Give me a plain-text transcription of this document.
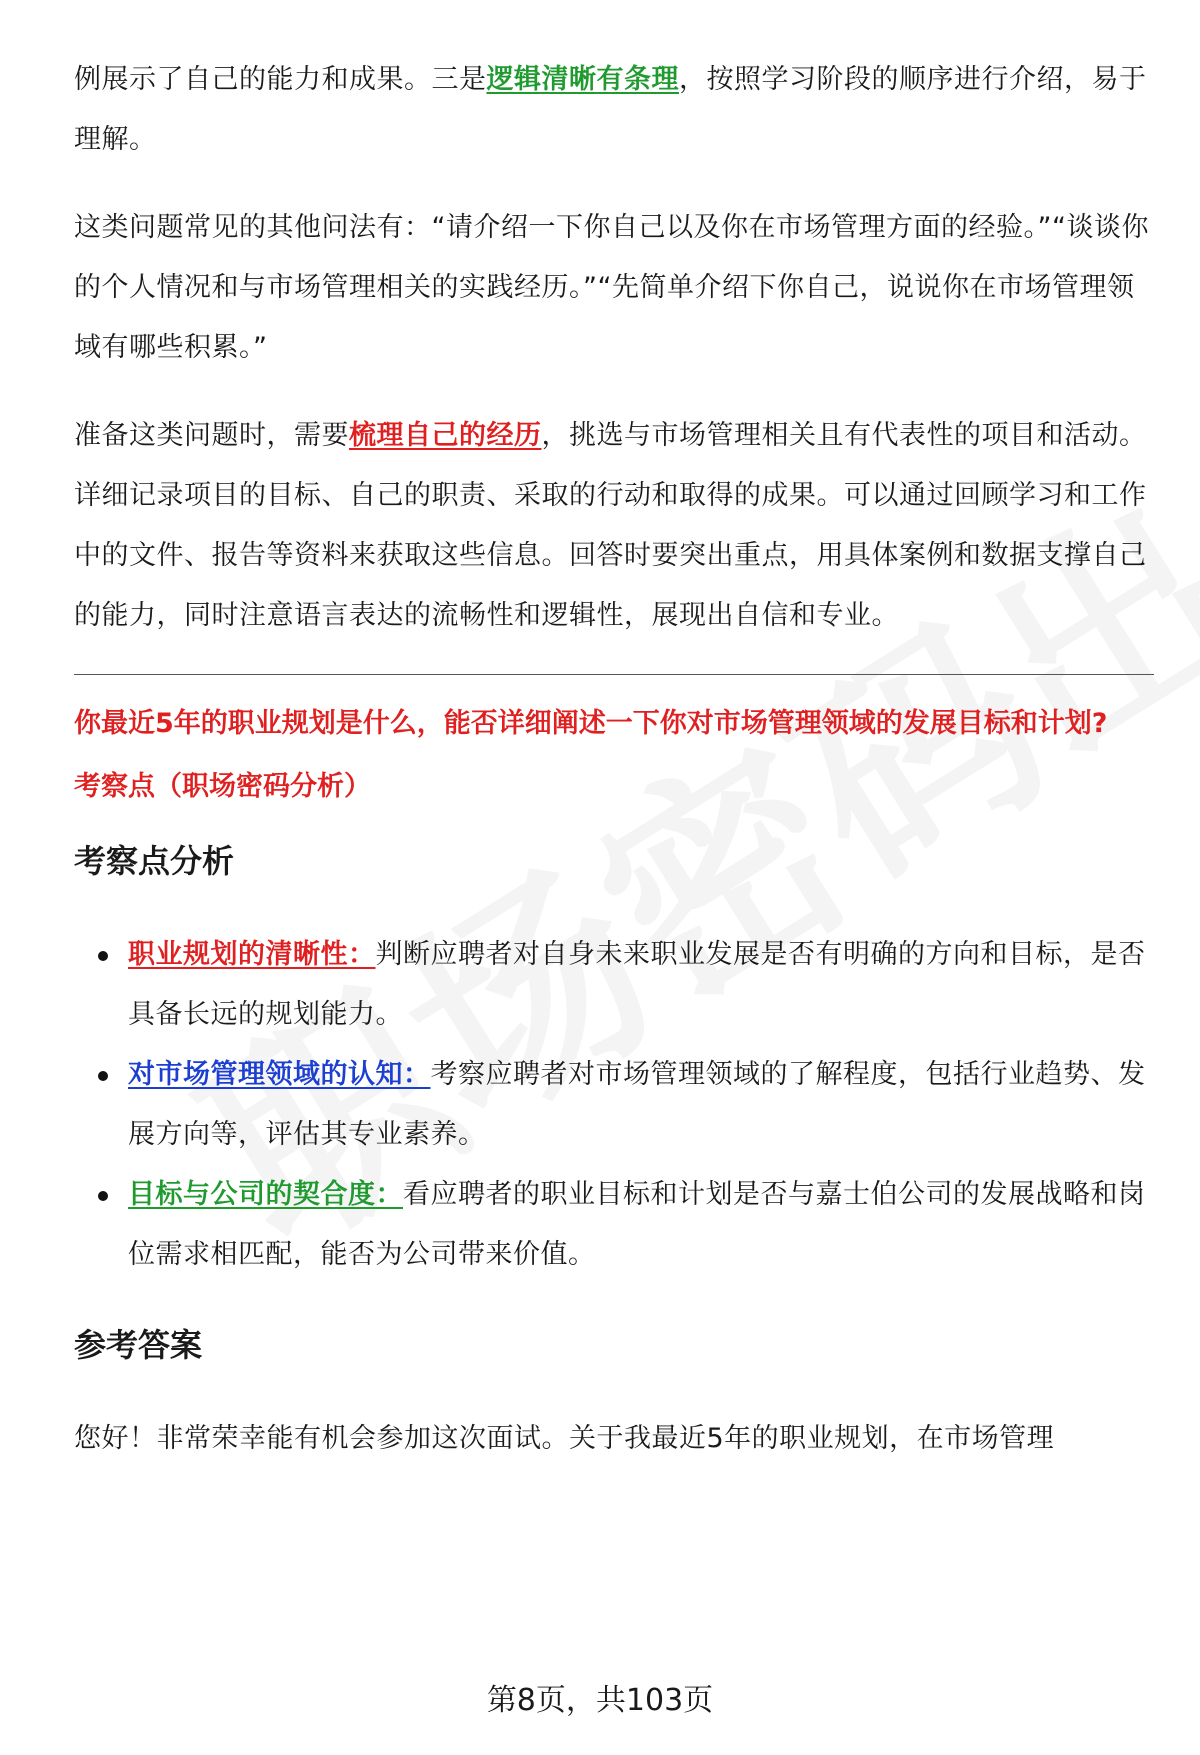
例展示了自己的能力和成果。三是逻辑清晰有条理，按照学习阶段的顺序进行介绍，易于理解。

这类问题常见的其他问法有：“请介绍一下你自己以及你在市场管理方面的经验。”“谈谈你的个人情况和与市场管理相关的实践经历。”“先简单介绍下你自己，说说你在市场管理领域有哪些积累。”

准备这类问题时，需要梳理自己的经历，挑选与市场管理相关且有代表性的项目和活动。详细记录项目的目标、自己的职责、采取的行动和取得的成果。可以通过回顾学习和工作中的文件、报告等资料来获取这些信息。回答时要突出重点，用具体案例和数据支撑自己的能力，同时注意语言表达的流畅性和逻辑性，展现出自信和专业。

你最近5年的职业规划是什么，能否详细阐述一下你对市场管理领域的发展目标和计划?

考察点（职场密码分析）

考察点分析
职业规划的清晰性：判断应聘者对自身未来职业发展是否有明确的方向和目标，是否具备长远的规划能力。
对市场管理领域的认知：考察应聘者对市场管理领域的了解程度，包括行业趋势、发展方向等，评估其专业素养。
目标与公司的契合度：看应聘者的职业目标和计划是否与嘉士伯公司的发展战略和岗位需求相匹配，能否为公司带来价值。
参考答案

您好！非常荣幸能有机会参加这次面试。关于我最近5年的职业规划，在市场管理

第8页，共103页
